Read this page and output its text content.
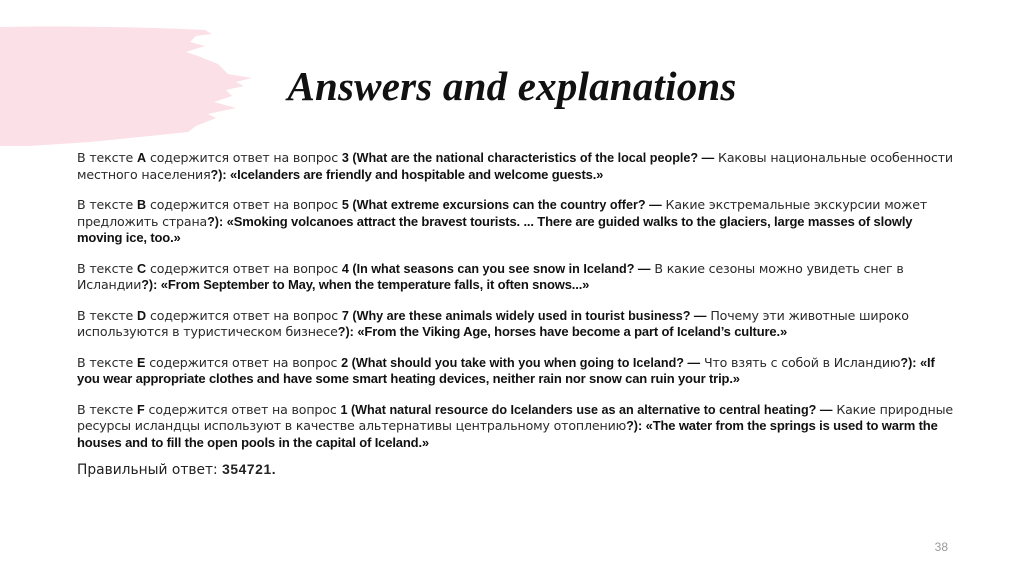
Answers and explanations

В тексте A содержится ответ на вопрос 3 (What are the national characteristics of the local people? — Каковы национальные особенности местного населения?): «Icelanders are friendly and hospitable and welcome guests.»

В тексте B содержится ответ на вопрос 5 (What extreme excursions can the country offer? — Какие экстремальные экскурсии может предложить страна?): «Smoking volcanoes attract the bravest tourists. ... There are guided walks to the glaciers, large masses of slowly moving ice, too.»

В тексте C содержится ответ на вопрос 4 (In what seasons can you see snow in Iceland? — В какие сезоны можно увидеть снег в Исландии?): «From September to May, when the temperature falls, it often snows...»

В тексте D содержится ответ на вопрос 7 (Why are these animals widely used in tourist business? — Почему эти животные широко используются в туристическом бизнесе?): «From the Viking Age, horses have become a part of Iceland’s culture.»

В тексте E содержится ответ на вопрос 2 (What should you take with you when going to Iceland? — Что взять с собой в Исландию?): «If you wear appropriate clothes and have some smart heating devices, neither rain nor snow can ruin your trip.»

В тексте F содержится ответ на вопрос 1 (What natural resource do Icelanders use as an alternative to central heating? — Какие природные ресурсы исландцы используют в качестве альтернативы центральному отоплению?): «The water from the springs is used to warm the houses and to fill the open pools in the capital of Iceland.»

Правильный ответ: 354721.
38
